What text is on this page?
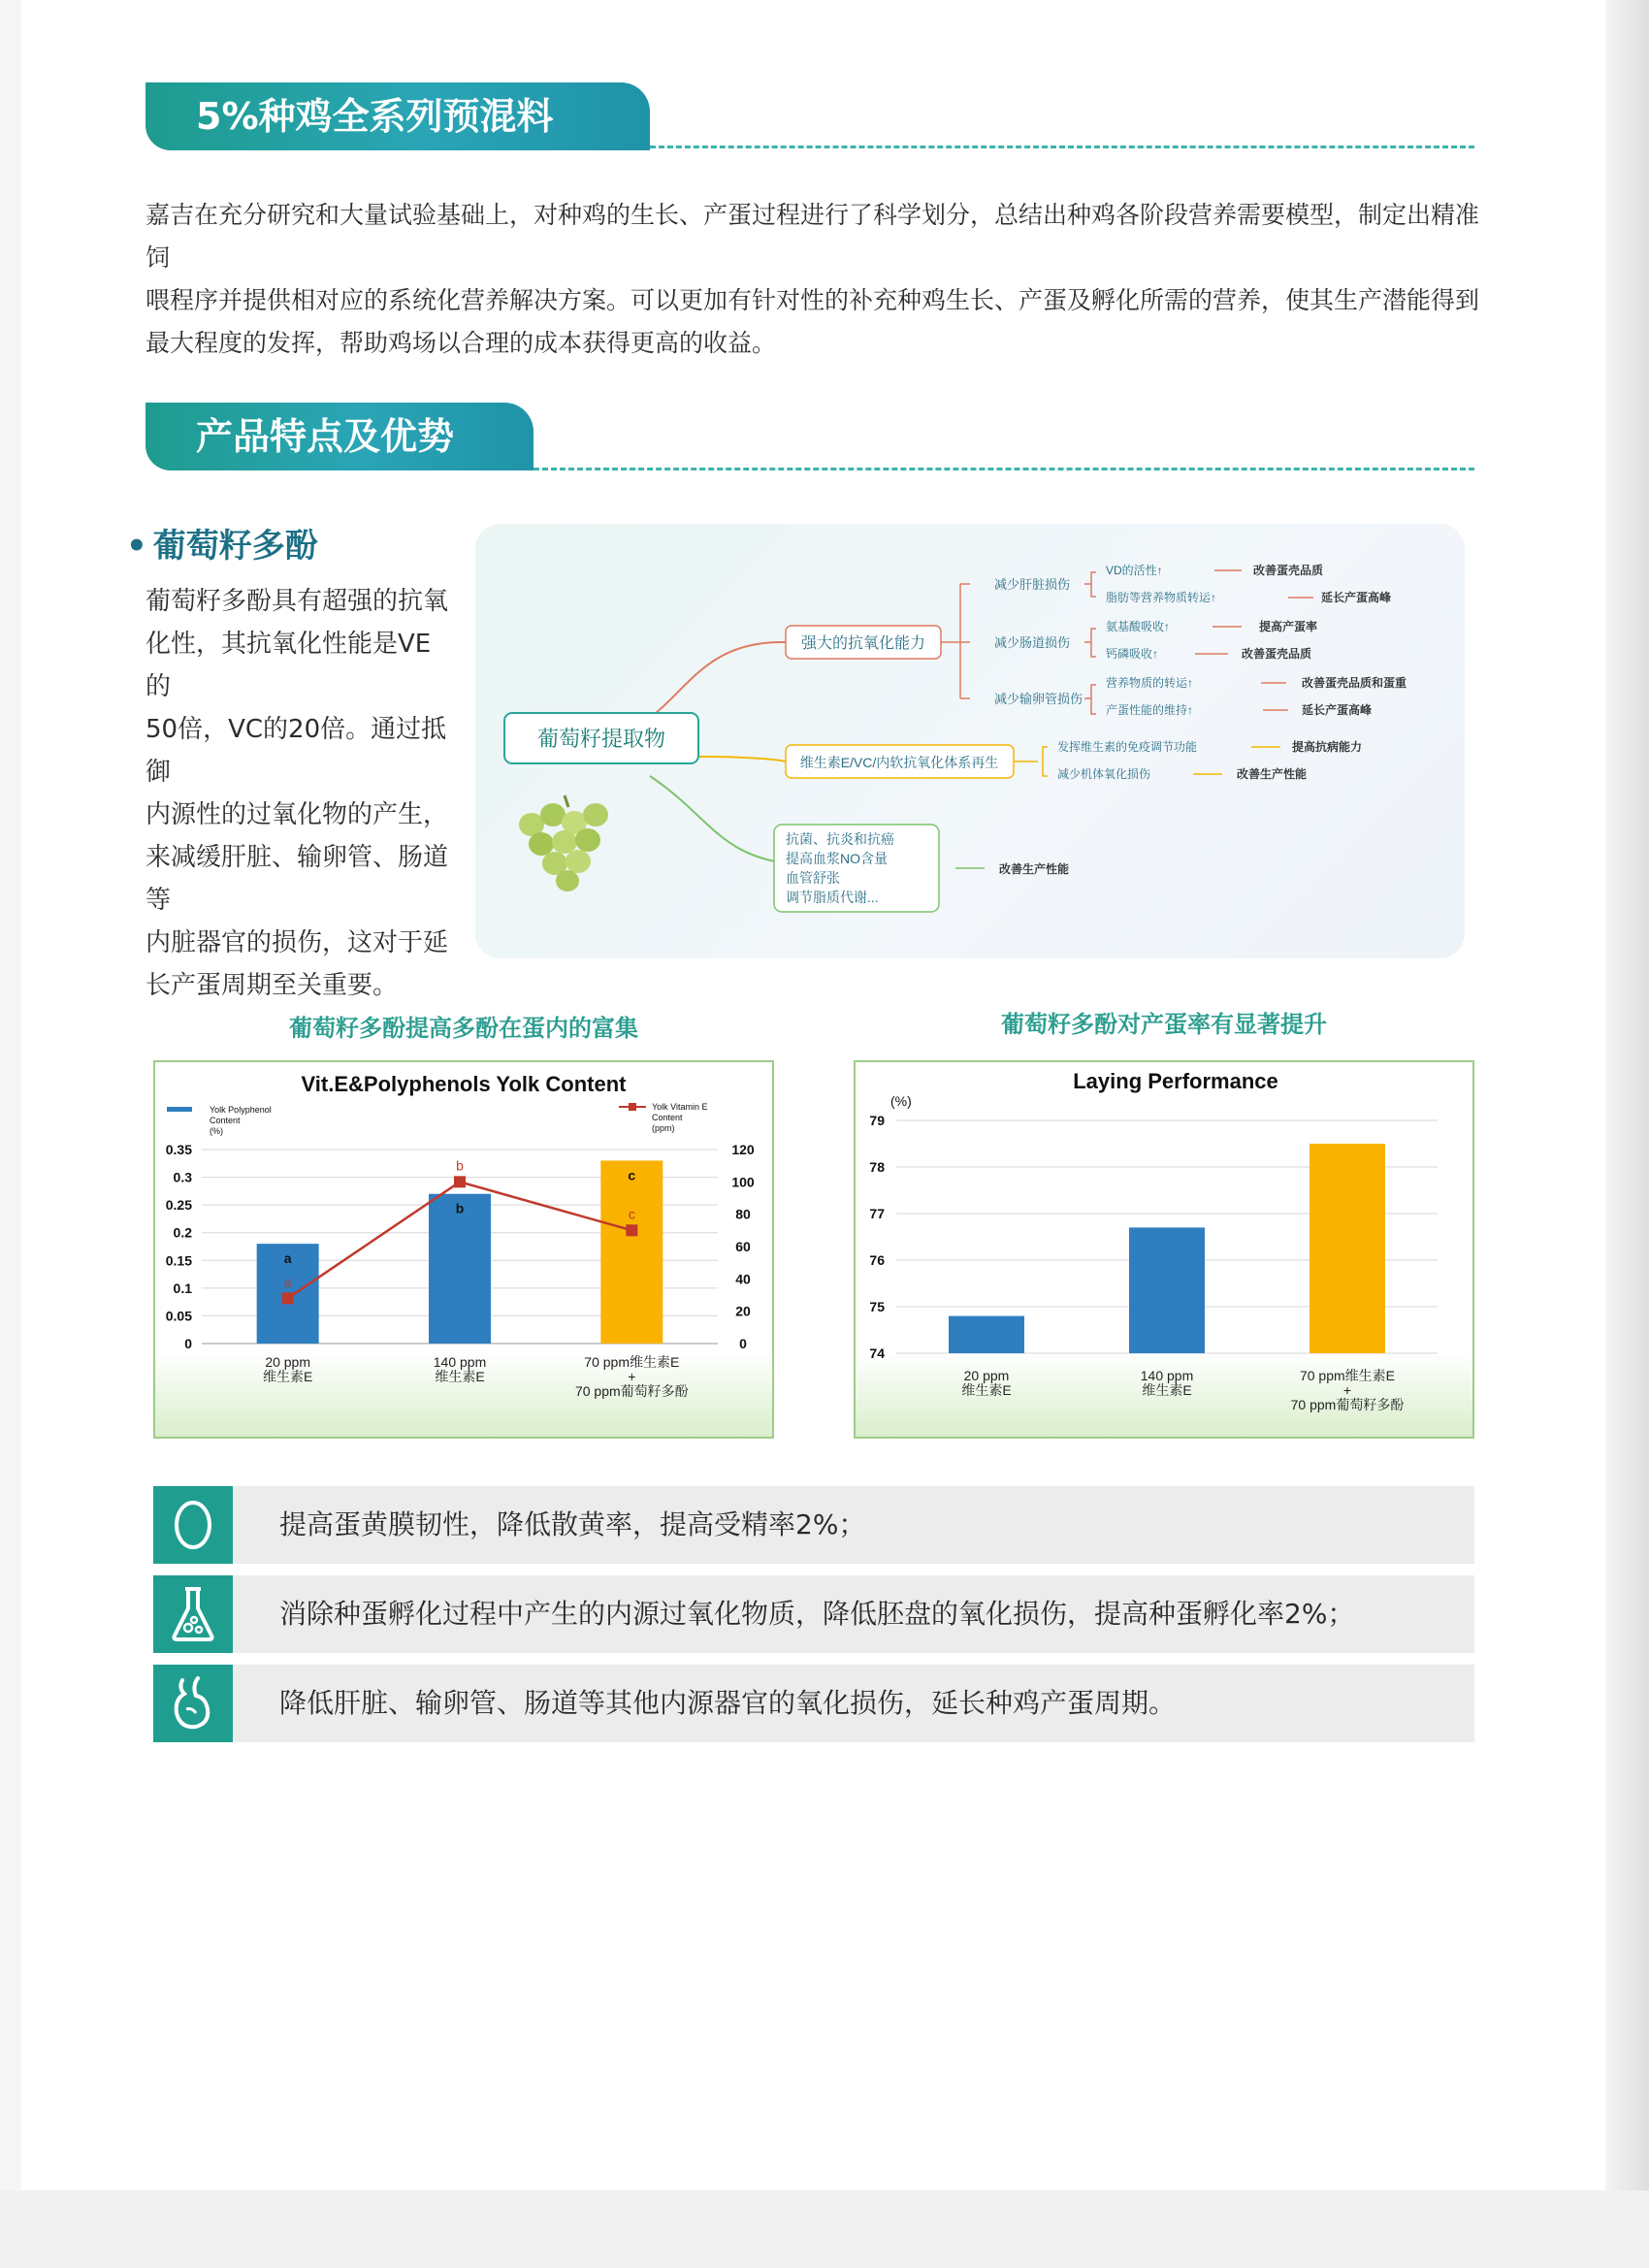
5%种鸡全系列预混料
嘉吉在充分研究和大量试验基础上，对种鸡的生长、产蛋过程进行了科学划分，总结出种鸡各阶段营养需要模型，制定出精准饲
喂程序并提供相对应的系统化营养解决方案。可以更加有针对性的补充种鸡生长、产蛋及孵化所需的营养，使其生产潜能得到
最大程度的发挥，帮助鸡场以合理的成本获得更高的收益。
产品特点及优势
• 葡萄籽多酚
葡萄籽多酚具有超强的抗氧
化性，其抗氧化性能是VE的
50倍，VC的20倍。通过抵御
内源性的过氧化物的产生，
来减缓肝脏、输卵管、肠道等
内脏器官的损伤，这对于延
长产蛋周期至关重要。
葡萄籽提取物
强大的抗氧化能力
减少肝脏损伤
减少肠道损伤
减少输卵管损伤
VD的活性↑	改善蛋壳品质
脂肪等营养物质转运↑	延长产蛋高峰
氨基酸吸收↑	提高产蛋率
钙磷吸收↑	改善蛋壳品质
营养物质的转运↑	改善蛋壳品质和蛋重
产蛋性能的维持↑	延长产蛋高峰
维生素E/VC/内软抗氧化体系再生
发挥维生素的免疫调节功能	提高抗病能力
减少机体氧化损伤	改善生产性能
抗菌、抗炎和抗癌
提高血浆NO含量
血管舒张
调节脂质代谢...
改善生产性能
葡萄籽多酚提高多酚在蛋内的富集	葡萄籽多酚对产蛋率有显著提升
Vit.E&Polyphenols Yolk Content
Yolk Polyphenol
Content
(%)
Yolk Vitamin E
Content
(ppm)
0
0.05
0.1
0.15
0.2
0.25
0.3
0.35
0
20
40
60
80
100
120
a
b
c
a
b
c
20 ppm
维生素E
140 ppm
维生素E
70 ppm维生素E
+
70 ppm葡萄籽多酚
Laying Performance
(%)
74
75
76
77
78
79
20 ppm
维生素E
140 ppm
维生素E
70 ppm维生素E
+
70 ppm葡萄籽多酚
提高蛋黄膜韧性，降低散黄率，提高受精率2%；
消除种蛋孵化过程中产生的内源过氧化物质，降低胚盘的氧化损伤，提高种蛋孵化率2%；
降低肝脏、输卵管、肠道等其他内源器官的氧化损伤，延长种鸡产蛋周期。
